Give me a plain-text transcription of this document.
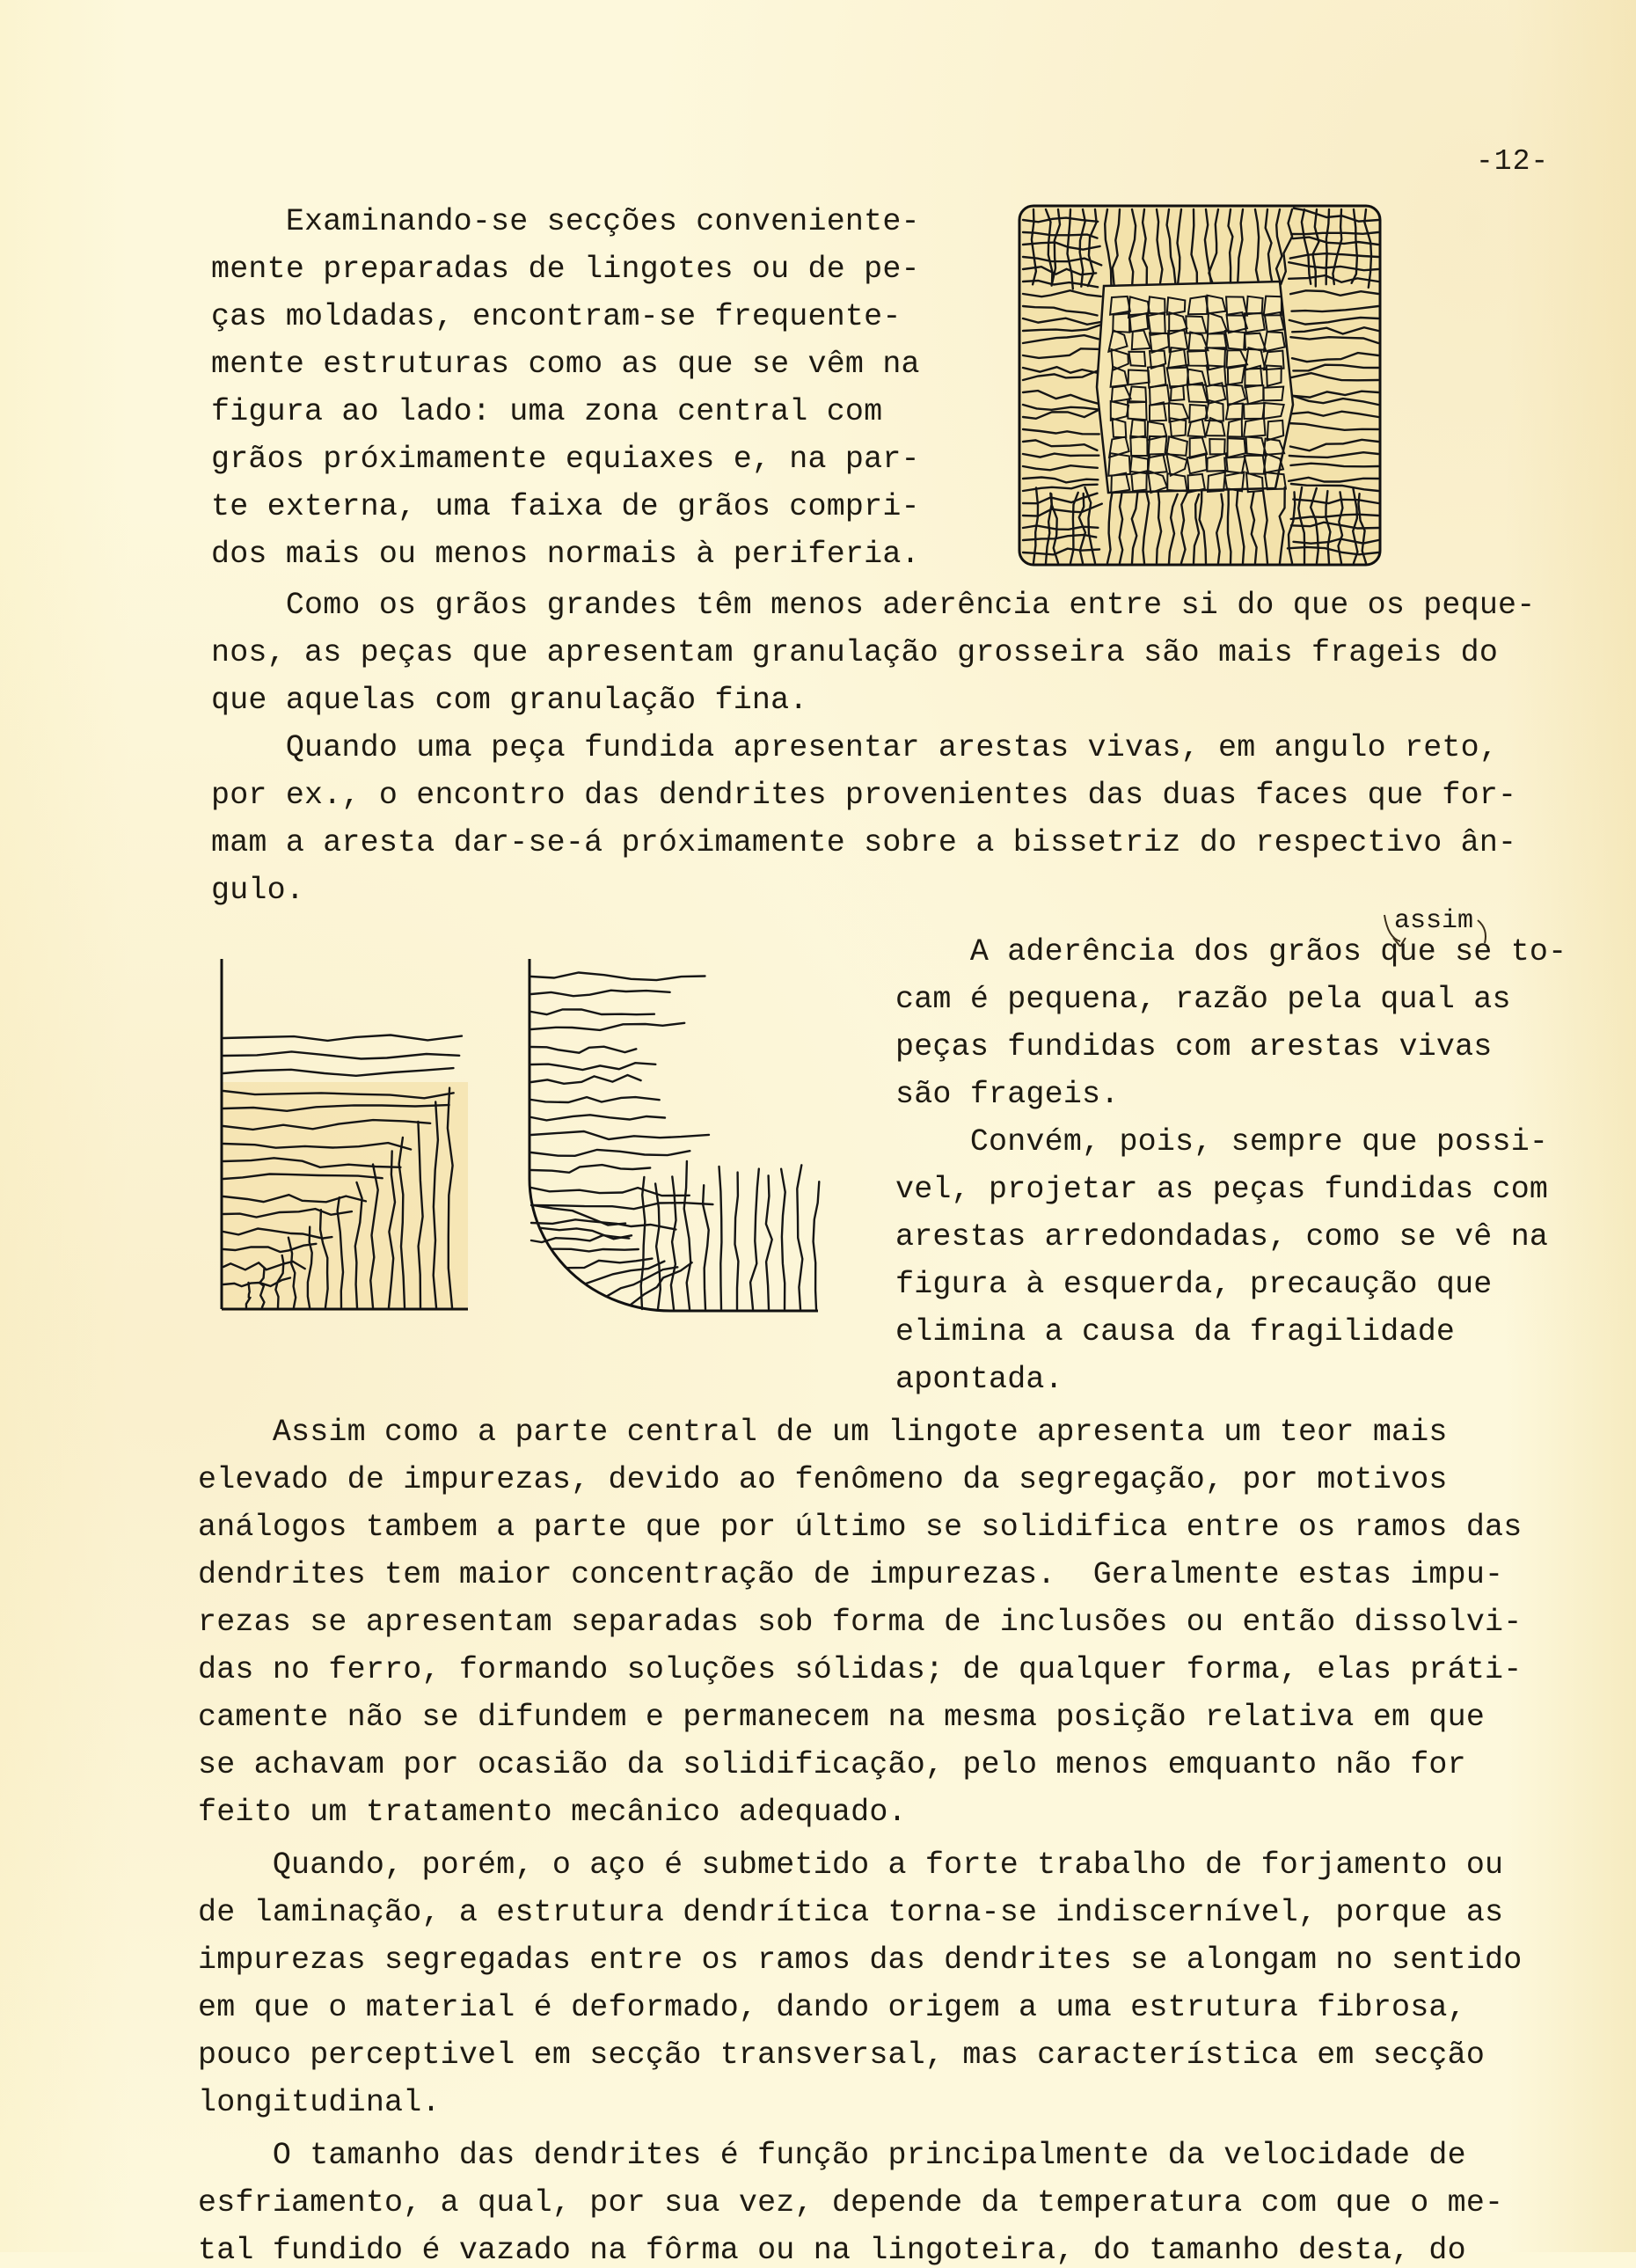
-12-
Examinando-se secções conveniente-
mente preparadas de lingotes ou de pe-
ças moldadas, encontram-se frequente-
mente estruturas como as que se vêm na
figura ao lado: uma zona central com
grãos próximamente equiaxes e, na par-
te externa, uma faixa de grãos compri-
dos mais ou menos normais à periferia.
Como os grãos grandes têm menos aderência entre si do que os peque-
nos, as peças que apresentam granulação grosseira são mais frageis do
que aquelas com granulação fina.
Quando uma peça fundida apresentar arestas vivas, em angulo reto,
por ex., o encontro das dendrites provenientes das duas faces que for-
mam a aresta dar-se-á próximamente sobre a bissetriz do respectivo ân-
gulo.
assim
A aderência dos grãos que se to-
cam é pequena, razão pela qual as
peças fundidas com arestas vivas
são frageis.
Convém, pois, sempre que possi-
vel, projetar as peças fundidas com
arestas arredondadas, como se vê na
figura à esquerda, precaução que
elimina a causa da fragilidade
apontada.
Assim como a parte central de um lingote apresenta um teor mais
elevado de impurezas, devido ao fenômeno da segregação, por motivos
análogos tambem a parte que por último se solidifica entre os ramos das
dendrites tem maior concentração de impurezas.  Geralmente estas impu-
rezas se apresentam separadas sob forma de inclusões ou então dissolvi-
das no ferro, formando soluções sólidas; de qualquer forma, elas práti-
camente não se difundem e permanecem na mesma posição relativa em que
se achavam por ocasião da solidificação, pelo menos emquanto não for
feito um tratamento mecânico adequado.
Quando, porém, o aço é submetido a forte trabalho de forjamento ou
de laminação, a estrutura dendrítica torna-se indiscernível, porque as
impurezas segregadas entre os ramos das dendrites se alongam no sentido
em que o material é deformado, dando origem a uma estrutura fibrosa,
pouco perceptivel em secção transversal, mas característica em secção
longitudinal.
O tamanho das dendrites é função principalmente da velocidade de
esfriamento, a qual, por sua vez, depende da temperatura com que o me-
tal fundido é vazado na fôrma ou na lingoteira, do tamanho desta, do
